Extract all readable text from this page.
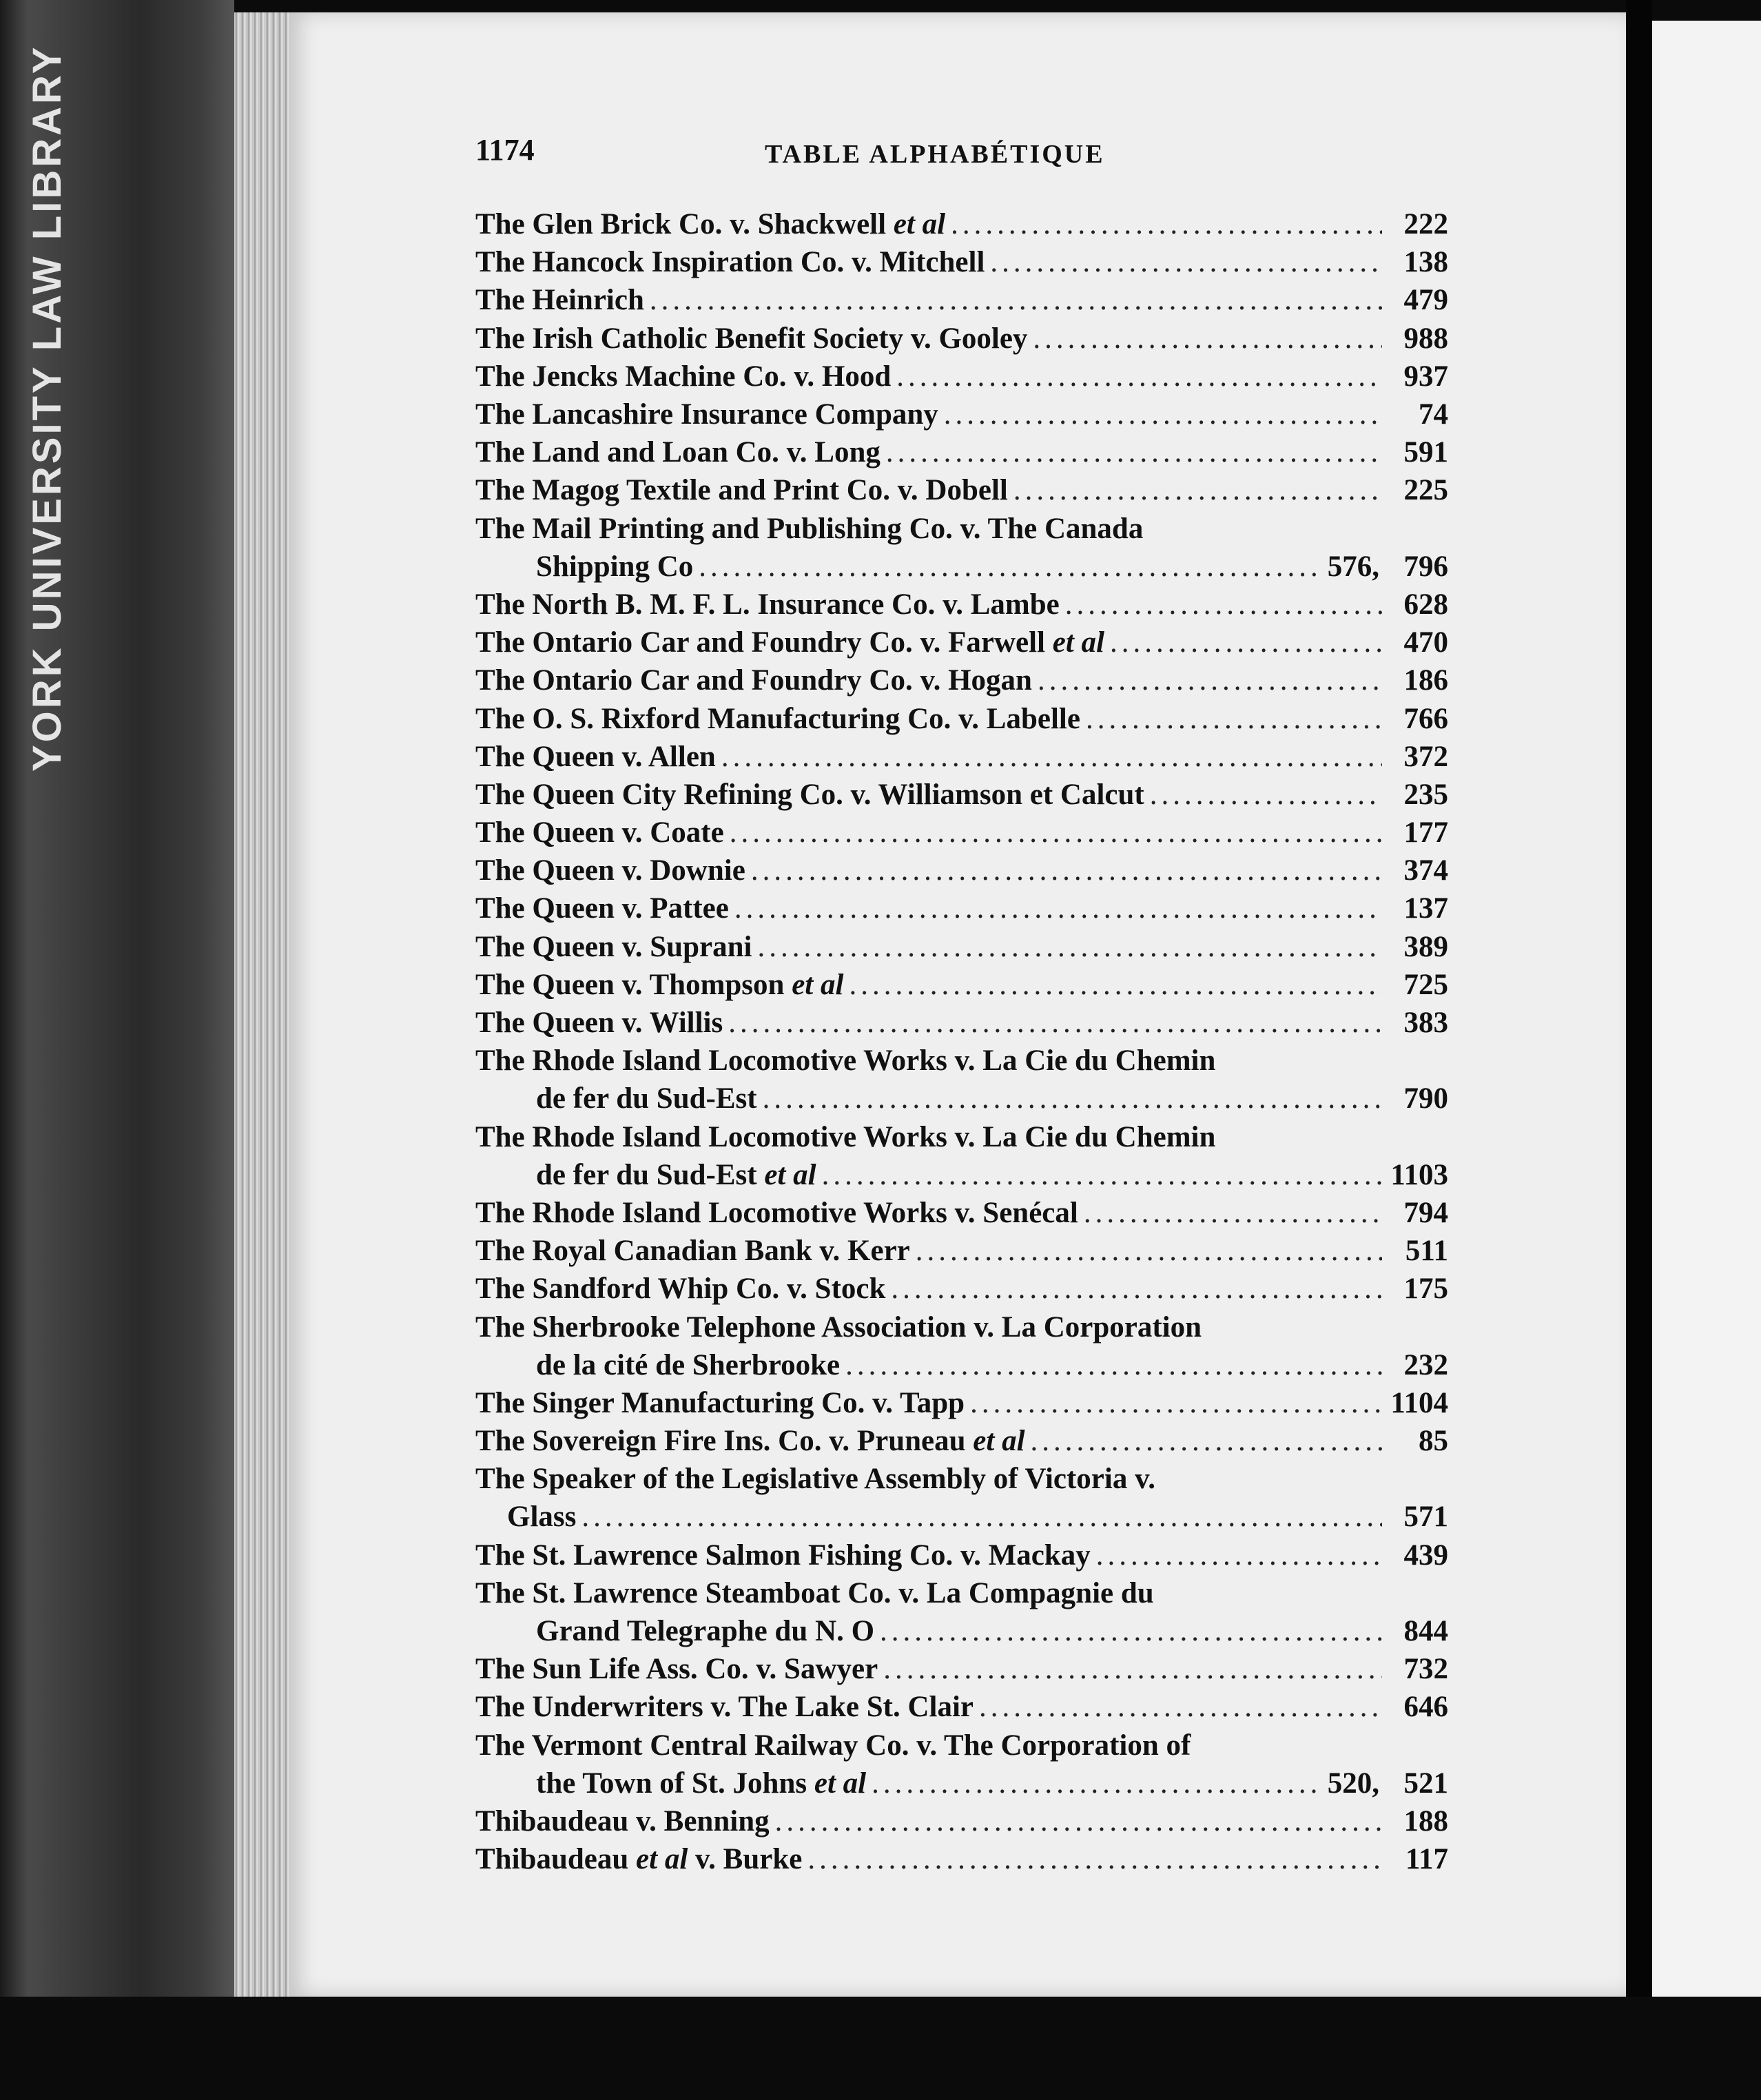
YORK UNIVERSITY LAW LIBRARY	1174	TABLE ALPHABÉTIQUE
The Glen Brick Co. v. Shackwell et al .....	222
The Hancock Inspiration Co. v. Mitchell .....	138
The Heinrich .....	479
The Irish Catholic Benefit Society v. Gooley .....	988
The Jencks Machine Co. v. Hood .....	937
The Lancashire Insurance Company .....	74
The Land and Loan Co. v. Long .....	591
The Magog Textile and Print Co. v. Dobell .....	225
The Mail Printing and Publishing Co. v. The Canada
Shipping Co .....	576, 796
The North B. M. F. L. Insurance Co. v. Lambe .....	628
The Ontario Car and Foundry Co. v. Farwell et al .....	470
The Ontario Car and Foundry Co. v. Hogan .....	186
The O. S. Rixford Manufacturing Co. v. Labelle .....	766
The Queen v. Allen .....	372
The Queen City Refining Co. v. Williamson et Calcut .....	235
The Queen v. Coate .....	177
The Queen v. Downie .....	374
The Queen v. Pattee .....	137
The Queen v. Suprani .....	389
The Queen v. Thompson et al .....	725
The Queen v. Willis .....	383
The Rhode Island Locomotive Works v. La Cie du Chemin
de fer du Sud-Est .....	790
The Rhode Island Locomotive Works v. La Cie du Chemin
de fer du Sud-Est et al .....	1103
The Rhode Island Locomotive Works v. Senécal .....	794
The Royal Canadian Bank v. Kerr .....	511
The Sandford Whip Co. v. Stock .....	175
The Sherbrooke Telephone Association v. La Corporation
de la cité de Sherbrooke .....	232
The Singer Manufacturing Co. v. Tapp .....	1104
The Sovereign Fire Ins. Co. v. Pruneau et al .....	85
The Speaker of the Legislative Assembly of Victoria v.
Glass .....	571
The St. Lawrence Salmon Fishing Co. v. Mackay .....	439
The St. Lawrence Steamboat Co. v. La Compagnie du
Grand Telegraphe du N. O .....	844
The Sun Life Ass. Co. v. Sawyer .....	732
The Underwriters v. The Lake St. Clair .....	646
The Vermont Central Railway Co. v. The Corporation of
the Town of St. Johns et al .....	520, 521
Thibaudeau v. Benning .....	188
Thibaudeau et al v. Burke .....	117
